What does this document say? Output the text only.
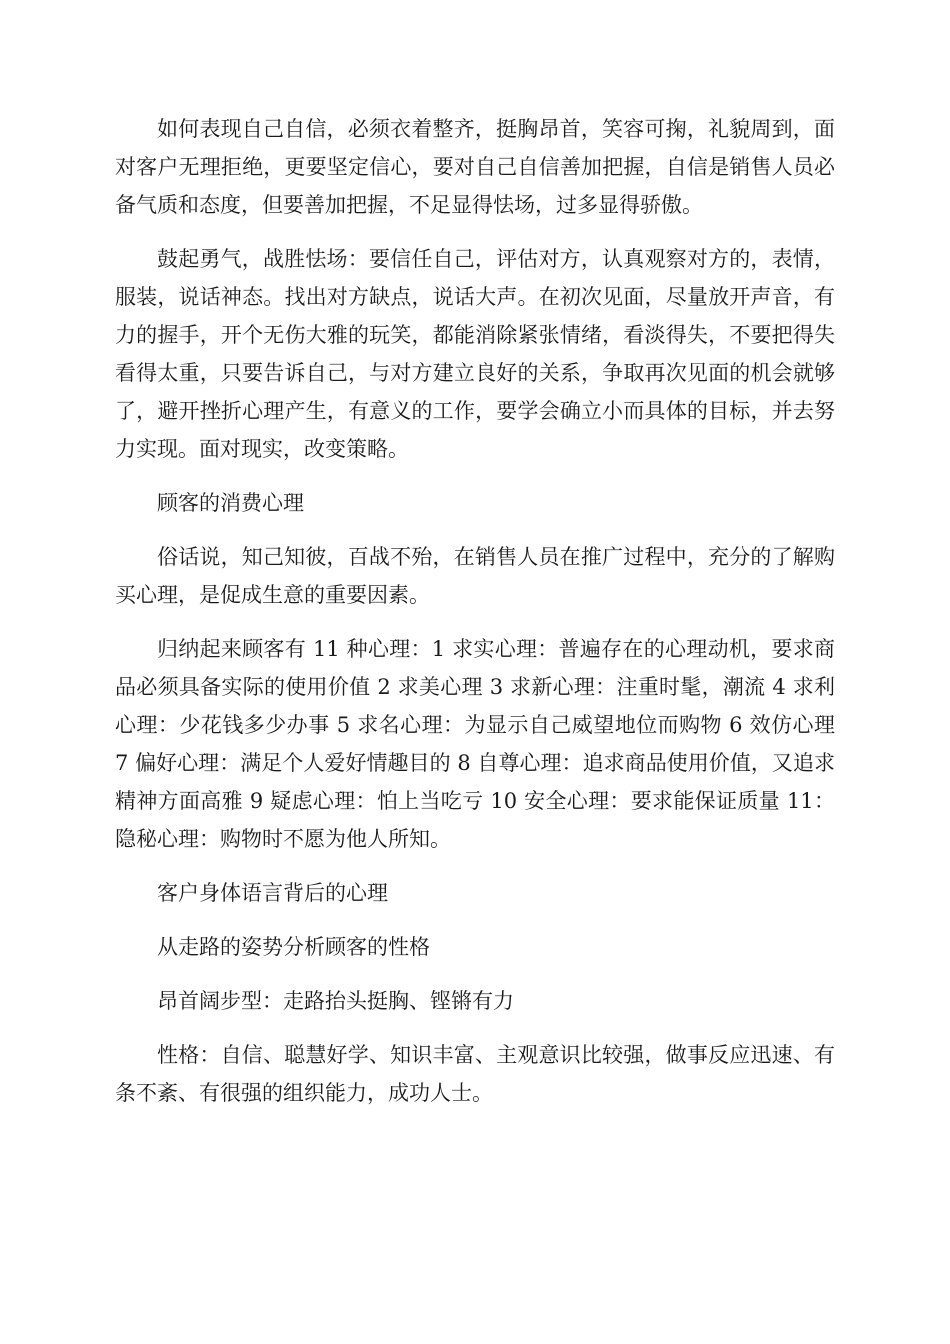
如何表现自己自信，必须衣着整齐，挺胸昂首，笑容可掬，礼貌周到，面对客户无理拒绝，更要坚定信心，要对自己自信善加把握，自信是销售人员必备气质和态度，但要善加把握，不足显得怯场，过多显得骄傲。

鼓起勇气，战胜怯场：要信任自己，评估对方，认真观察对方的，表情，服装，说话神态。找出对方缺点，说话大声。在初次见面，尽量放开声音，有力的握手，开个无伤大雅的玩笑，都能消除紧张情绪，看淡得失，不要把得失看得太重，只要告诉自己，与对方建立良好的关系，争取再次见面的机会就够了，避开挫折心理产生，有意义的工作，要学会确立小而具体的目标，并去努力实现。面对现实，改变策略。

顾客的消费心理

俗话说，知己知彼，百战不殆，在销售人员在推广过程中，充分的了解购买心理，是促成生意的重要因素。

归纳起来顾客有 11 种心理：1 求实心理：普遍存在的心理动机，要求商品必须具备实际的使用价值 2 求美心理 3 求新心理：注重时髦，潮流 4 求利心理：少花钱多少办事 5 求名心理：为显示自己威望地位而购物 6 效仿心理 7 偏好心理：满足个人爱好情趣目的 8 自尊心理：追求商品使用价值，又追求精神方面高雅 9 疑虑心理：怕上当吃亏 10 安全心理：要求能保证质量 11：隐秘心理：购物时不愿为他人所知。

客户身体语言背后的心理

从走路的姿势分析顾客的性格

昂首阔步型：走路抬头挺胸、铿锵有力

性格：自信、聪慧好学、知识丰富、主观意识比较强，做事反应迅速、有条不紊、有很强的组织能力，成功人士。
